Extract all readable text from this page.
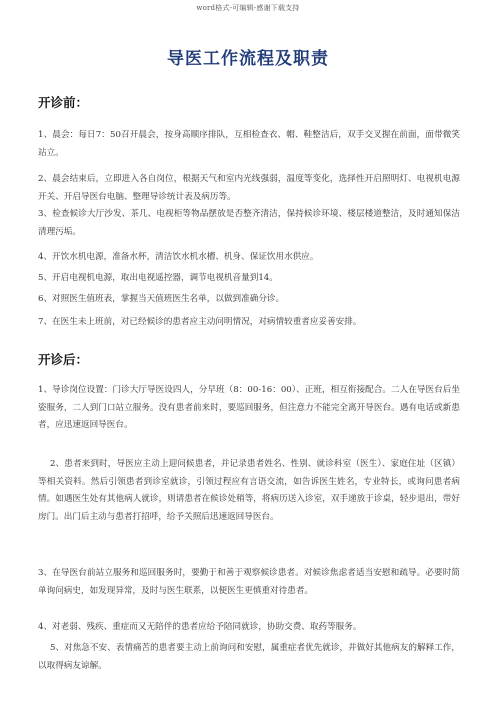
word格式-可编辑-感谢下载支持
导医工作流程及职责
开诊前：

1、晨会：每日7：50召开晨会，按身高顺序排队，互相检查衣、帽、鞋整洁后，双手交叉握在前面，面带微笑站立。

2、晨会结束后，立即进入各自岗位，根据天气和室内光线强弱，温度等变化，选择性开启照明灯、电视机电源开关、开启导医台电脑、整理导诊统计表及病历等。

3、检查候诊大厅沙发、茶几、电视柜等物品摆放是否整齐清洁，保持候诊环境、楼层楼道整洁，及时通知保洁清理污垢。

4、开饮水机电源，准备水杯，清洁饮水机水槽、机身、保证饮用水供应。

5、开启电视机电源，取出电视遥控器，调节电视机音量到14。

6、对照医生值班表，掌握当天值班医生名单，以做到准确分诊。

7、在医生未上班前，对已经候诊的患者应主动问明情况，对病情较重者应妥善安排。

开诊后：

1、导诊岗位设置：门诊大厅导医设四人，分早班（8：00-16：00）、正班，相互衔接配合。二人在导医台后坐姿服务，二人到门口站立服务。没有患者前来时，要巡回服务，但注意力不能完全离开导医台。遇有电话或新患者，应迅速返回导医台。

2、患者来到时，导医应主动上迎问候患者，并记录患者姓名、性别、就诊科室（医生）、家庭住址（区镇）等相关资料。然后引领患者到诊室就诊，引领过程应有言语交流，如告诉医生姓名，专业特长，或询问患者病情。如遇医生处有其他病人就诊，则请患者在候诊处稍等，将病历送入诊室，双手递放于诊桌，轻步退出，带好房门。出门后主动与患者打招呼，给予关照后迅速返回导医台。

3、在导医台前站立服务和巡回服务时，要勤于和善于观察候诊患者。对候诊焦虑者适当安慰和疏导。必要时简单询问病史，如发现异常，及时与医生联系，以便医生更慎重对待患者。

4、对老弱、残疾、重症而又无陪伴的患者应给予陪同就诊，协助交费、取药等服务。

5、对焦急不安、表情痛苦的患者要主动上前询问和安慰，属重症者优先就诊，并做好其他病友的解释工作，以取得病友谅解。
